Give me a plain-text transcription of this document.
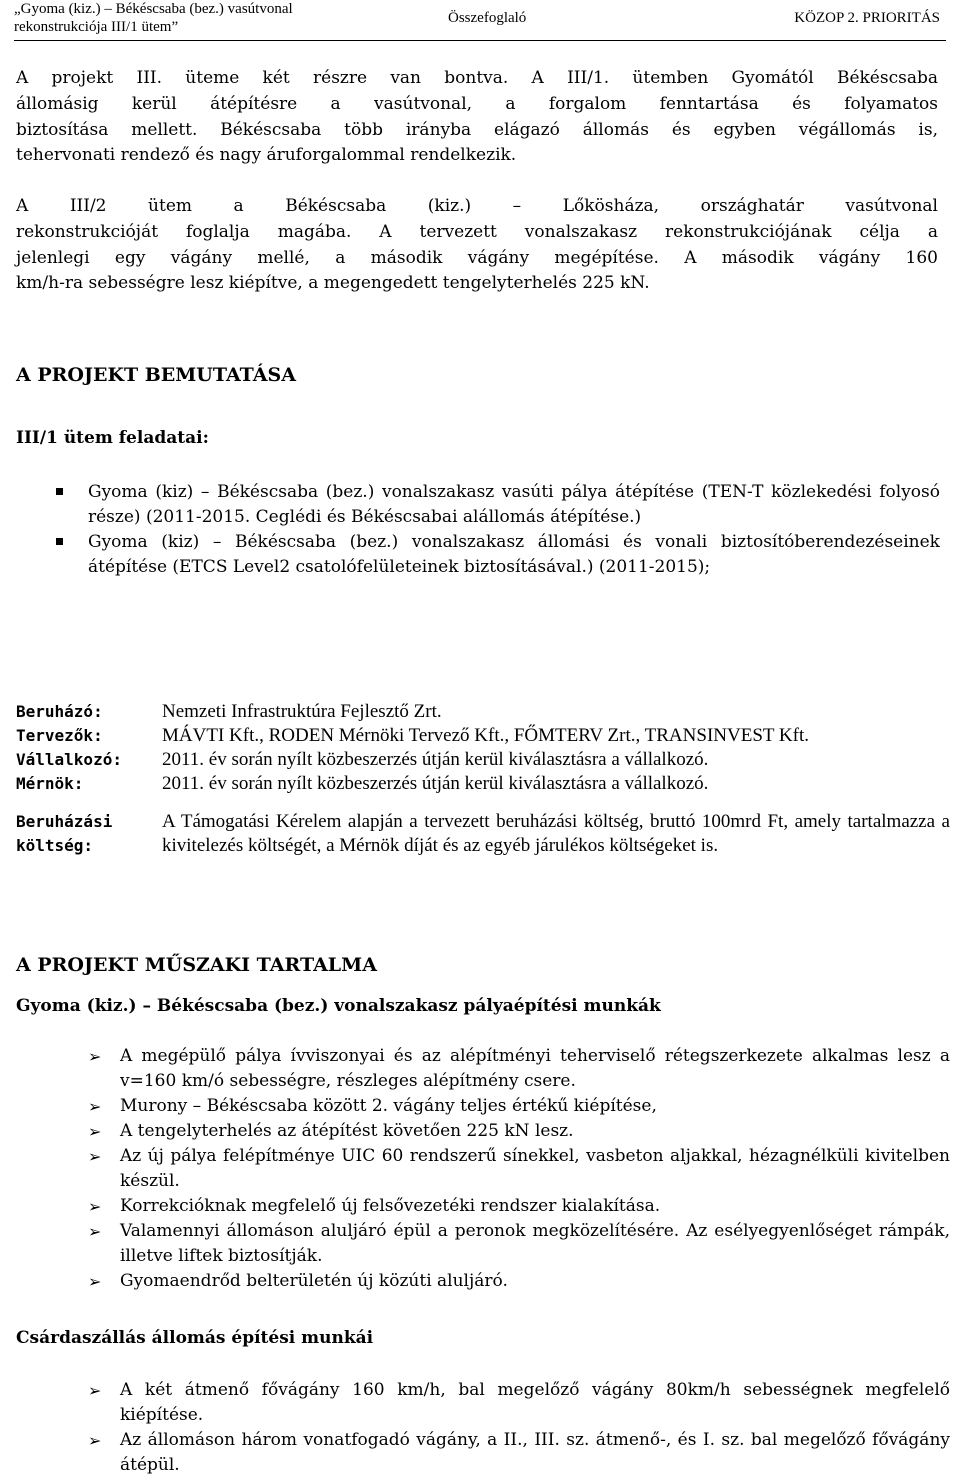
„Gyoma (kiz.) – Békéscsaba (bez.) vasútvonal
rekonstrukciója III/1 ütem”
Összefoglaló	KÖZOP 2. PRIORITÁS
A projekt III. üteme két részre van bontva. A III/1. ütemben Gyomától Békéscsaba
állomásig kerül átépítésre a vasútvonal, a forgalom fenntartása és folyamatos
biztosítása mellett. Békéscsaba több irányba elágazó állomás és egyben végállomás is,
tehervonati rendező és nagy áruforgalommal rendelkezik.
A III/2 ütem a Békéscsaba (kiz.) – Lőkösháza, országhatár vasútvonal
rekonstrukcióját foglalja magába. A tervezett vonalszakasz rekonstrukciójának célja a
jelenlegi egy vágány mellé, a második vágány megépítése. A második vágány 160
km/h-ra sebességre lesz kiépítve, a megengedett tengelyterhelés 225 kN.
A PROJEKT BEMUTATÁSA
III/1 ütem feladatai:
Gyoma (kiz) – Békéscsaba (bez.) vonalszakasz vasúti pálya átépítése (TEN-T közlekedési folyosó része) (2011-2015. Ceglédi és Békéscsabai alállomás átépítése.)
Gyoma (kiz) – Békéscsaba (bez.) vonalszakasz állomási és vonali biztosítóberendezéseinek átépítése (ETCS Level2 csatolófelületeinek biztosításával.) (2011-2015);
Beruházó:	Nemzeti Infrastruktúra Fejlesztő Zrt.
Tervezők:	MÁVTI Kft., RODEN Mérnöki Tervező Kft., FŐMTERV Zrt., TRANSINVEST Kft.
Vállalkozó: 2011. év során nyílt közbeszerzés útján kerül kiválasztásra a vállalkozó.
Mérnök:	2011. év során nyílt közbeszerzés útján kerül kiválasztásra a vállalkozó.
Beruházási
költség:
A Támogatási Kérelem alapján a tervezett beruházási költség, bruttó 100mrd Ft, amely tartalmazza a kivitelezés költségét, a Mérnök díját és az egyéb járulékos költségeket is.
A PROJEKT MŰSZAKI TARTALMA
Gyoma (kiz.) – Békéscsaba (bez.) vonalszakasz pályaépítési munkák
➢ A megépülő pálya ívviszonyai és az alépítményi teherviselő rétegszerkezete alkalmas lesz a v=160 km/ó sebességre, részleges alépítmény csere.
➢ Murony – Békéscsaba között 2. vágány teljes értékű kiépítése,
➢ A tengelyterhelés az átépítést követően 225 kN lesz.
➢ Az új pálya felépítménye UIC 60 rendszerű sínekkel, vasbeton aljakkal, hézagnélküli kivitelben készül.
➢ Korrekcióknak megfelelő új felsővezetéki rendszer kialakítása.
➢ Valamennyi állomáson aluljáró épül a peronok megközelítésére. Az esélyegyenlőséget rámpák, illetve liftek biztosítják.
➢ Gyomaendrőd belterületén új közúti aluljáró.
Csárdaszállás állomás építési munkái
➢ A két átmenő fővágány 160 km/h, bal megelőző vágány 80km/h sebességnek megfelelő kiépítése.
➢ Az állomáson három vonatfogadó vágány, a II., III. sz. átmenő-, és I. sz. bal megelőző fővágány átépül.
